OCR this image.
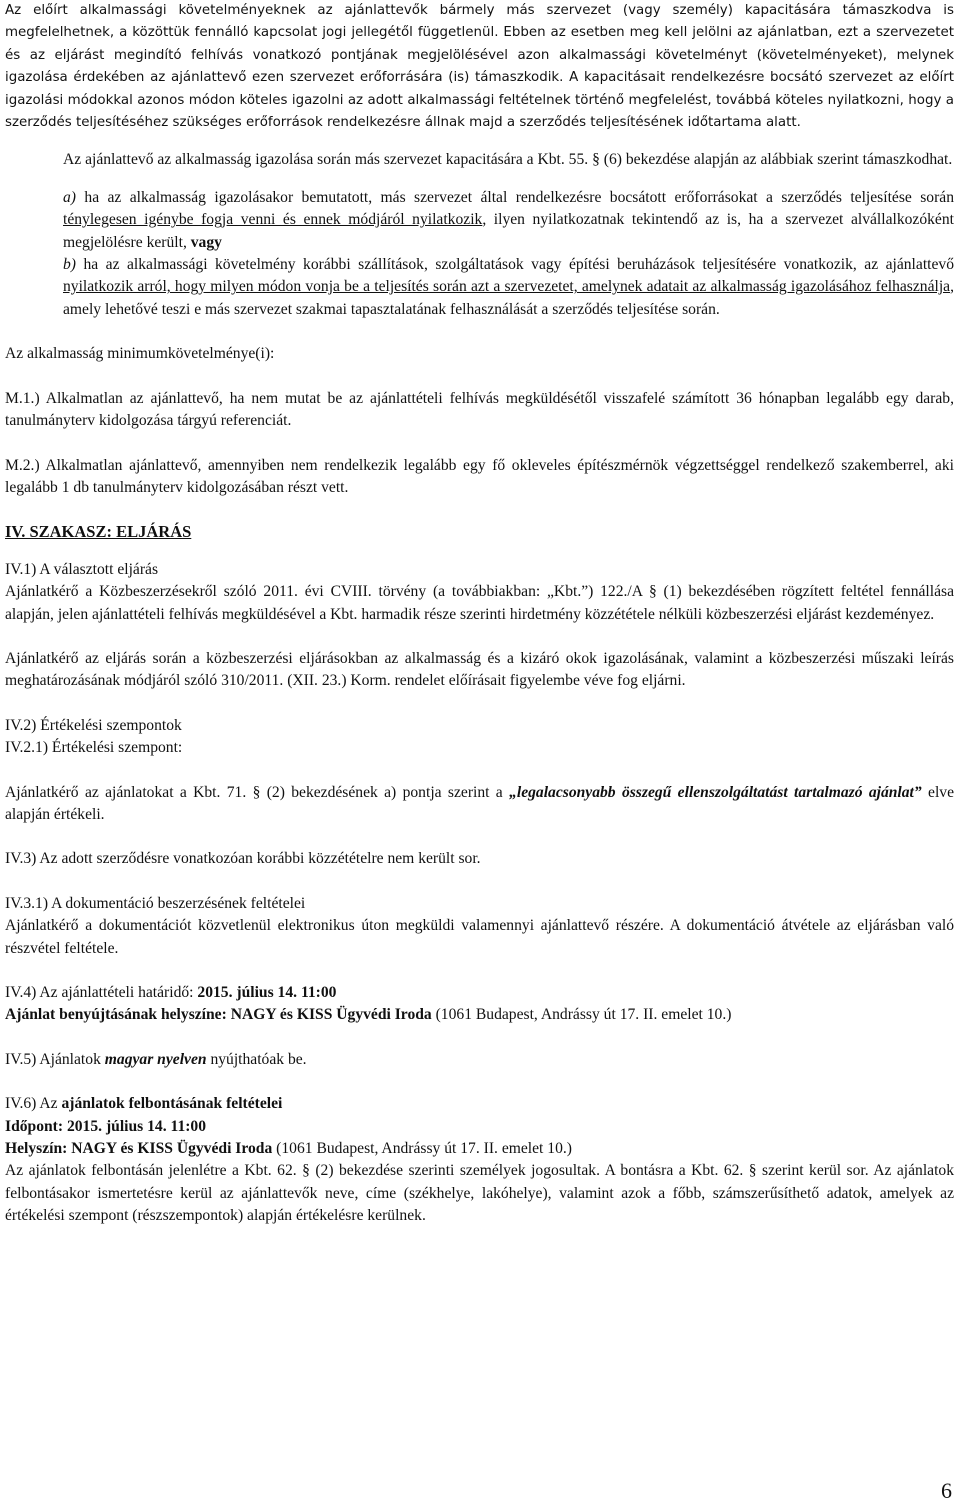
Az előírt alkalmassági követelményeknek az ajánlattevők bármely más szervezet (vagy személy) kapacitására támaszkodva is megfelelhetnek, a közöttük fennálló kapcsolat jogi jellegétől függetlenül. Ebben az esetben meg kell jelölni az ajánlatban, ezt a szervezetet és az eljárást megindító felhívás vonatkozó pontjának megjelölésével azon alkalmassági követelményt (követelményeket), melynek igazolása érdekében az ajánlattevő ezen szervezet erőforrására (is) támaszkodik. A kapacitásait rendelkezésre bocsátó szervezet az előírt igazolási módokkal azonos módon köteles igazolni az adott alkalmassági feltételnek történő megfelelést, továbbá köteles nyilatkozni, hogy a szerződés teljesítéséhez szükséges erőforrások rendelkezésre állnak majd a szerződés teljesítésének időtartama alatt.

Az ajánlattevő az alkalmasság igazolása során más szervezet kapacitására a Kbt. 55. § (6) bekezdése alapján az alábbiak szerint támaszkodhat.

a) ha az alkalmasság igazolásakor bemutatott, más szervezet által rendelkezésre bocsátott erőforrásokat a szerződés teljesítése során ténylegesen igénybe fogja venni és ennek módjáról nyilatkozik, ilyen nyilatkozatnak tekintendő az is, ha a szervezet alvállalkozóként megjelölésre került, vagy

b) ha az alkalmassági követelmény korábbi szállítások, szolgáltatások vagy építési beruházások teljesítésére vonatkozik, az ajánlattevő nyilatkozik arról, hogy milyen módon vonja be a teljesítés során azt a szervezetet, amelynek adatait az alkalmasság igazolásához felhasználja, amely lehetővé teszi e más szervezet szakmai tapasztalatának felhasználását a szerződés teljesítése során.

Az alkalmasság minimumkövetelménye(i):

M.1.) Alkalmatlan az ajánlattevő, ha nem mutat be az ajánlattételi felhívás megküldésétől visszafelé számított 36 hónapban legalább egy darab, tanulmányterv kidolgozása tárgyú referenciát.

M.2.) Alkalmatlan ajánlattevő, amennyiben nem rendelkezik legalább egy fő okleveles építészmérnök végzettséggel rendelkező szakemberrel, aki legalább 1 db tanulmányterv kidolgozásában részt vett.

IV. SZAKASZ: ELJÁRÁS

IV.1) A választott eljárás

Ajánlatkérő a Közbeszerzésekről szóló 2011. évi CVIII. törvény (a továbbiakban: „Kbt.”) 122./A § (1) bekezdésében rögzített feltétel fennállása alapján, jelen ajánlattételi felhívás megküldésével a Kbt. harmadik része szerinti hirdetmény közzététele nélküli közbeszerzési eljárást kezdeményez.

Ajánlatkérő az eljárás során a közbeszerzési eljárásokban az alkalmasság és a kizáró okok igazolásának, valamint a közbeszerzési műszaki leírás meghatározásának módjáról szóló 310/2011. (XII. 23.) Korm. rendelet előírásait figyelembe véve fog eljárni.

IV.2) Értékelési szempontok

IV.2.1) Értékelési szempont:

Ajánlatkérő az ajánlatokat a Kbt. 71. § (2) bekezdésének a) pontja szerint a „legalacsonyabb összegű ellenszolgáltatást tartalmazó ajánlat” elve alapján értékeli.

IV.3) Az adott szerződésre vonatkozóan korábbi közzétételre nem került sor.

IV.3.1) A dokumentáció beszerzésének feltételei

Ajánlatkérő a dokumentációt közvetlenül elektronikus úton megküldi valamennyi ajánlattevő részére. A dokumentáció átvétele az eljárásban való részvétel feltétele.

IV.4) Az ajánlattételi határidő: 2015. július 14. 11:00

Ajánlat benyújtásának helyszíne: NAGY és KISS Ügyvédi Iroda (1061 Budapest, Andrássy út 17. II. emelet 10.)

IV.5) Ajánlatok magyar nyelven nyújthatóak be.

IV.6) Az ajánlatok felbontásának feltételei

Időpont: 2015. július 14. 11:00

Helyszín: NAGY és KISS Ügyvédi Iroda (1061 Budapest, Andrássy út 17. II. emelet 10.)

Az ajánlatok felbontásán jelenlétre a Kbt. 62. § (2) bekezdése szerinti személyek jogosultak. A bontásra a Kbt. 62. § szerint kerül sor. Az ajánlatok felbontásakor ismertetésre kerül az ajánlattevők neve, címe (székhelye, lakóhelye), valamint azok a főbb, számszerűsíthető adatok, amelyek az értékelési szempont (részszempontok) alapján értékelésre kerülnek.

6
